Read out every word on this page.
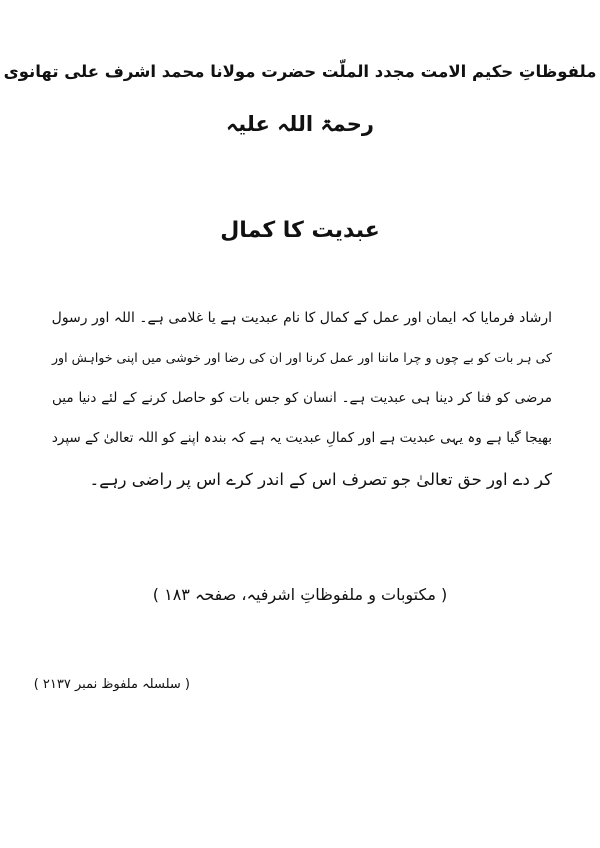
ملفوظاتِ حکیم الامت مجدد الملّت حضرت مولانا محمد اشرف علی تھانوی
رحمۃ اللہ علیہ
عبدیت کا کمال
ارشاد فرمایا کہ ایمان اور عمل کے کمال کا نام عبدیت ہے یا غلامی ہے۔ اللہ اور رسول
کی ہر بات کو بے چوں و چرا ماننا اور عمل کرنا اور ان کی رضا اور خوشی میں اپنی خواہش اور
مرضی کو فنا کر دینا ہی عبدیت ہے۔ انسان کو جس بات کو حاصل کرنے کے لئے دنیا میں
بھیجا گیا ہے وہ یہی عبدیت ہے اور کمالِ عبدیت یہ ہے کہ بندہ اپنے کو اللہ تعالیٰ کے سپرد
کر دے اور حق تعالیٰ جو تصرف اس کے اندر کرے اس پر راضی رہے۔
( مکتوبات و ملفوظاتِ اشرفیہ، صفحہ ۱۸۳ )
( سلسلہ ملفوظ نمبر ۲۱۳۷ )
